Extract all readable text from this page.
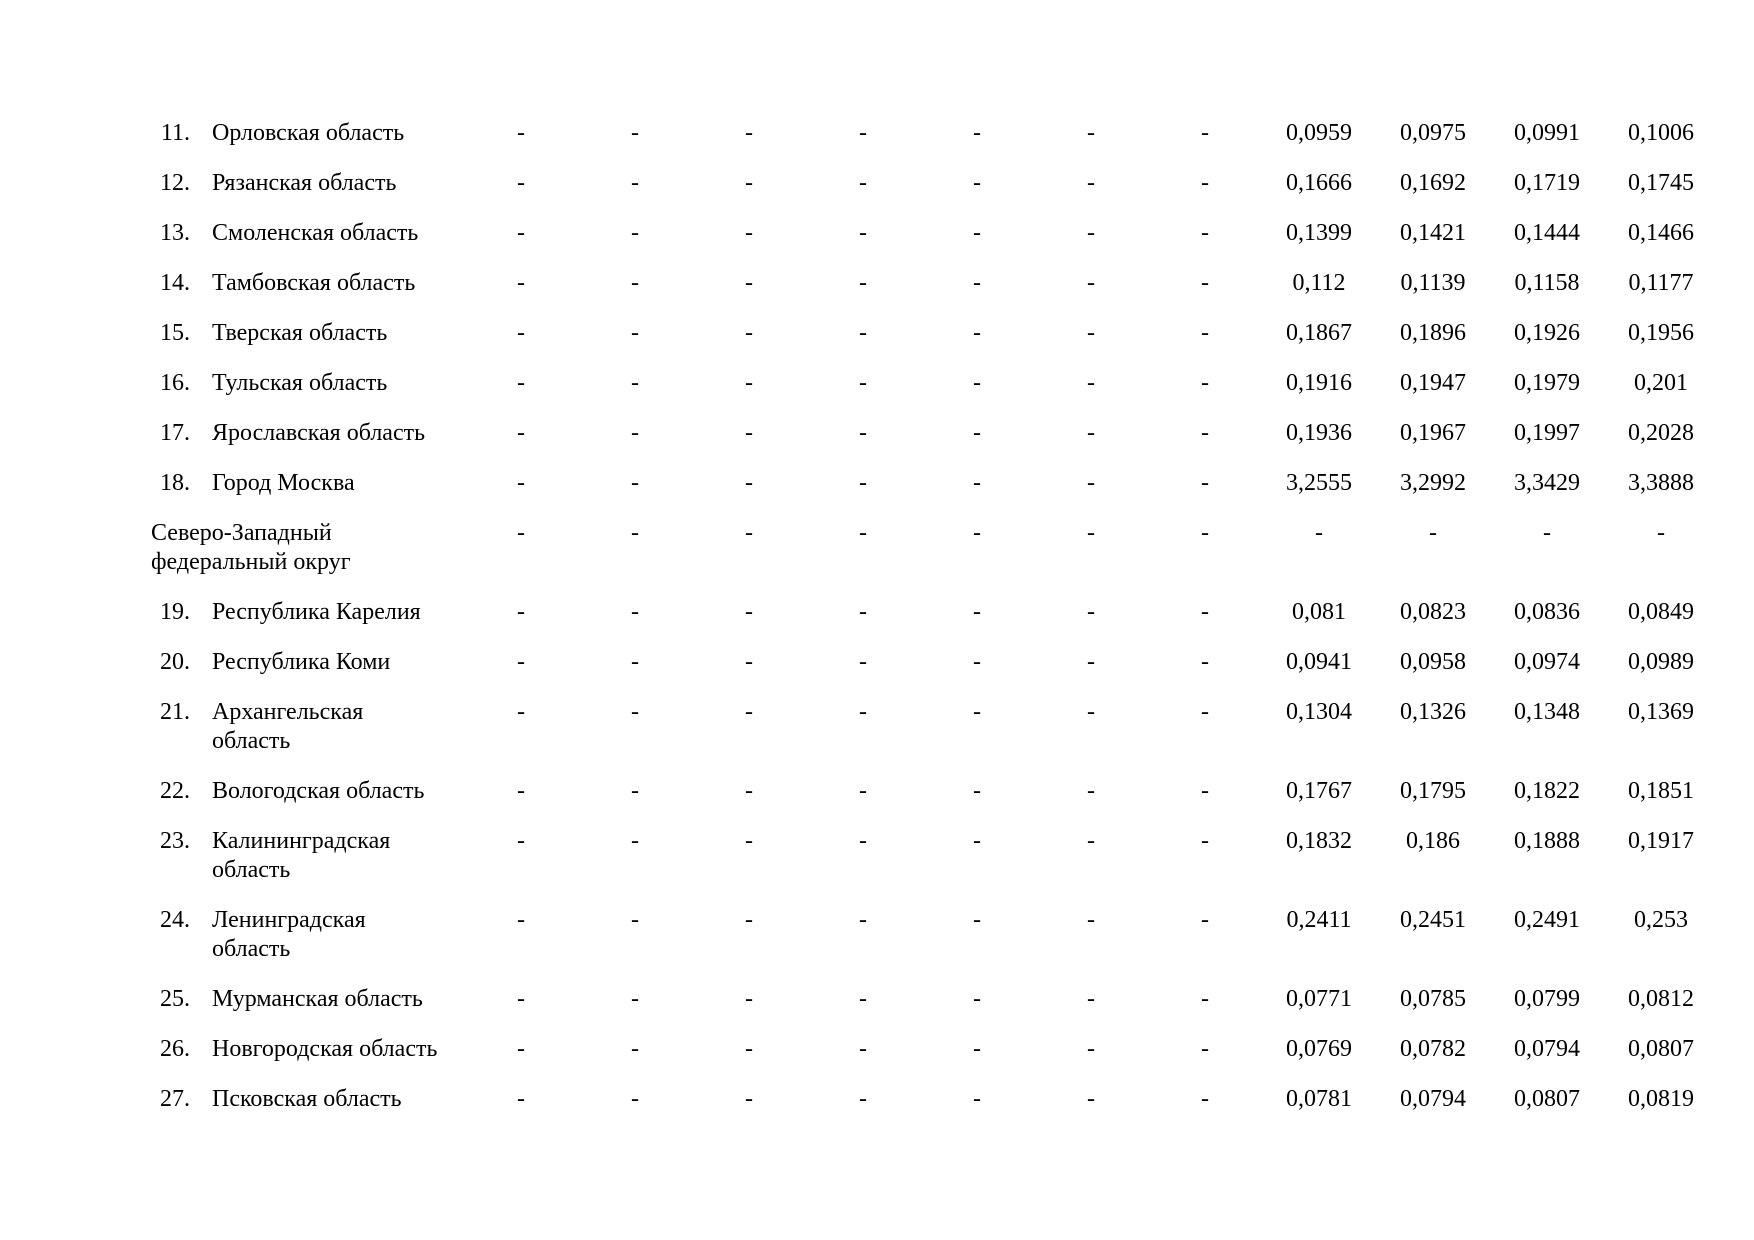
11. Орловская область	-	-	-	-	-	-	-	0,0959	0,0975	0,0991	0,1006
12. Рязанская область	-	-	-	-	-	-	-	0,1666	0,1692	0,1719	0,1745
13. Смоленская область	-	-	-	-	-	-	-	0,1399	0,1421	0,1444	0,1466
14. Тамбовская область	-	-	-	-	-	-	-	0,112	0,1139	0,1158	0,1177
15. Тверская область	-	-	-	-	-	-	-	0,1867	0,1896	0,1926	0,1956
16. Тульская область	-	-	-	-	-	-	-	0,1916	0,1947	0,1979	0,201
17. Ярославская область	-	-	-	-	-	-	-	0,1936	0,1967	0,1997	0,2028
18. Город Москва	-	-	-	-	-	-	-	3,2555	3,2992	3,3429	3,3888
Северо-Западный
федеральный округ
-	-	-	-	-	-	-	-	-	-	-
19. Республика Карелия	-	-	-	-	-	-	-	0,081	0,0823	0,0836	0,0849
20. Республика Коми	-	-	-	-	-	-	-	0,0941	0,0958	0,0974	0,0989
21. Архангельская
область
-	-	-	-	-	-	-	0,1304	0,1326	0,1348	0,1369
22. Вологодская область	-	-	-	-	-	-	-	0,1767	0,1795	0,1822	0,1851
23. Калининградская
область
-	-	-	-	-	-	-	0,1832	0,186	0,1888	0,1917
24. Ленинградская
область
-	-	-	-	-	-	-	0,2411	0,2451	0,2491	0,253
25. Мурманская область	-	-	-	-	-	-	-	0,0771	0,0785	0,0799	0,0812
26. Новгородская область	-	-	-	-	-	-	-	0,0769	0,0782	0,0794	0,0807
27. Псковская область	-	-	-	-	-	-	-	0,0781	0,0794	0,0807	0,0819
